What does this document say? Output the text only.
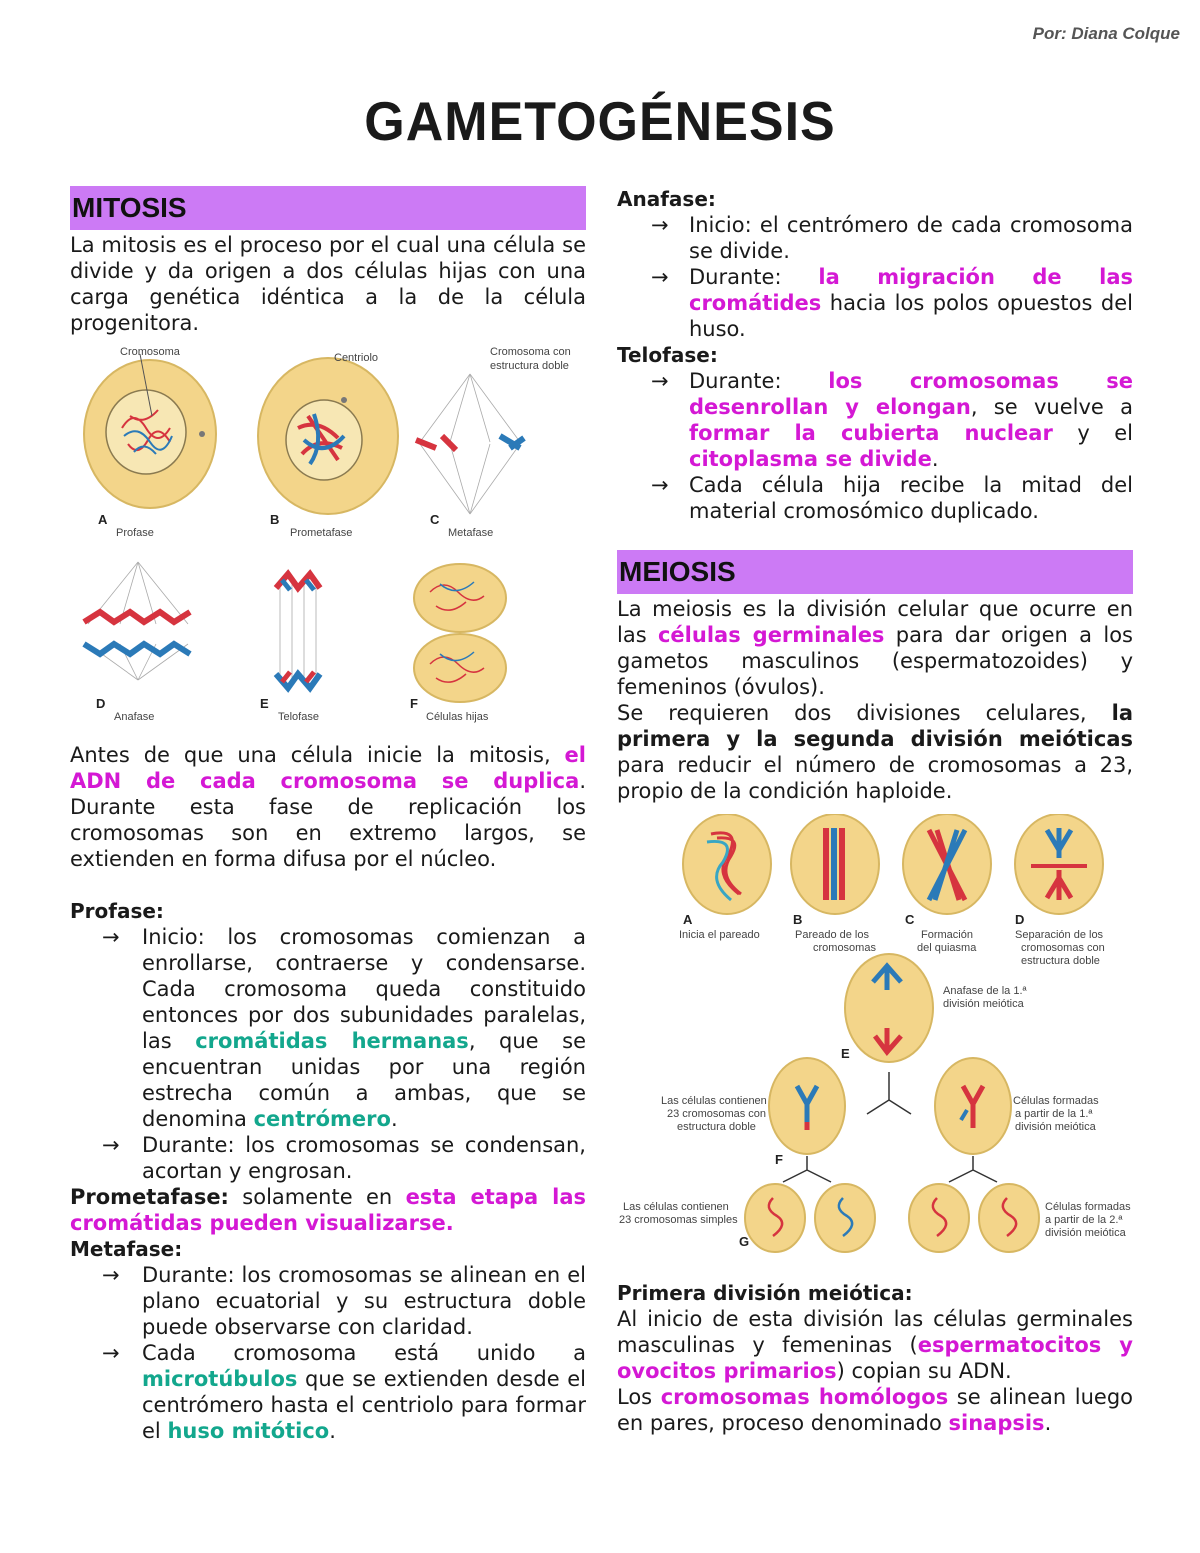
Por: Diana Colque
GAMETOGÉNESIS
MITOSIS

La mitosis es el proceso por el cual una célula se divide y da origen a dos células hijas con una carga genética idéntica a la de la célula progenitora.

Cromosoma
A
Profase
Centriolo
B
Prometafase
Cromosoma con
estructura doble
C
Metafase
D
Anafase
E
Telofase
F
Células hijas

Antes de que una célula inicie la mitosis, el ADN de cada cromosoma se duplica. Durante esta fase de replicación los cromosomas son en extremo largos, se extienden en forma difusa por el núcleo.

Profase:
→ Inicio: los cromosomas comienzan a enrollarse, contraerse y condensarse. Cada cromosoma queda constituido entonces por dos subunidades paralelas, las cromátidas hermanas, que se encuentran unidas por una región estrecha común a ambas, que se denomina centrómero.
→ Durante: los cromosomas se condensan, acortan y engrosan.

Prometafase: solamente en esta etapa las cromátidas pueden visualizarse.

Metafase:
→ Durante: los cromosomas se alinean en el plano ecuatorial y su estructura doble puede observarse con claridad.
→ Cada cromosoma está unido a microtúbulos que se extienden desde el centrómero hasta el centriolo para formar el huso mitótico.
Anafase:
→ Inicio: el centrómero de cada cromosoma se divide.
→ Durante: la migración de las cromátides hacia los polos opuestos del huso.
Telofase:
→ Durante: los cromosomas se desenrollan y elongan, se vuelve a formar la cubierta nuclear y el citoplasma se divide.
→ Cada célula hija recibe la mitad del material cromosómico duplicado.
MEIOSIS

La meiosis es la división celular que ocurre en las células germinales para dar origen a los gametos masculinos (espermatozoides) y femeninos (óvulos).

Se requieren dos divisiones celulares, la primera y la segunda división meióticas para reducir el número de cromosomas a 23, propio de la condición haploide.

A
Inicia el pareado
B
Pareado de los
cromosomas
C
Formación
del quiasma
D
Separación de los
cromosomas con
estructura doble
Anafase de la 1.ª
división meiótica
E
Las células contienen
23 cromosomas con
estructura doble
Células formadas
a partir de la 1.ª
división meiótica
F
Las células contienen
23 cromosomas simples
G
Células formadas
a partir de la 2.ª
división meiótica
Primera división meiótica:

Al inicio de esta división las células germinales masculinas y femeninas (espermatocitos y ovocitos primarios) copian su ADN.

Los cromosomas homólogos se alinean luego en pares, proceso denominado sinapsis.
